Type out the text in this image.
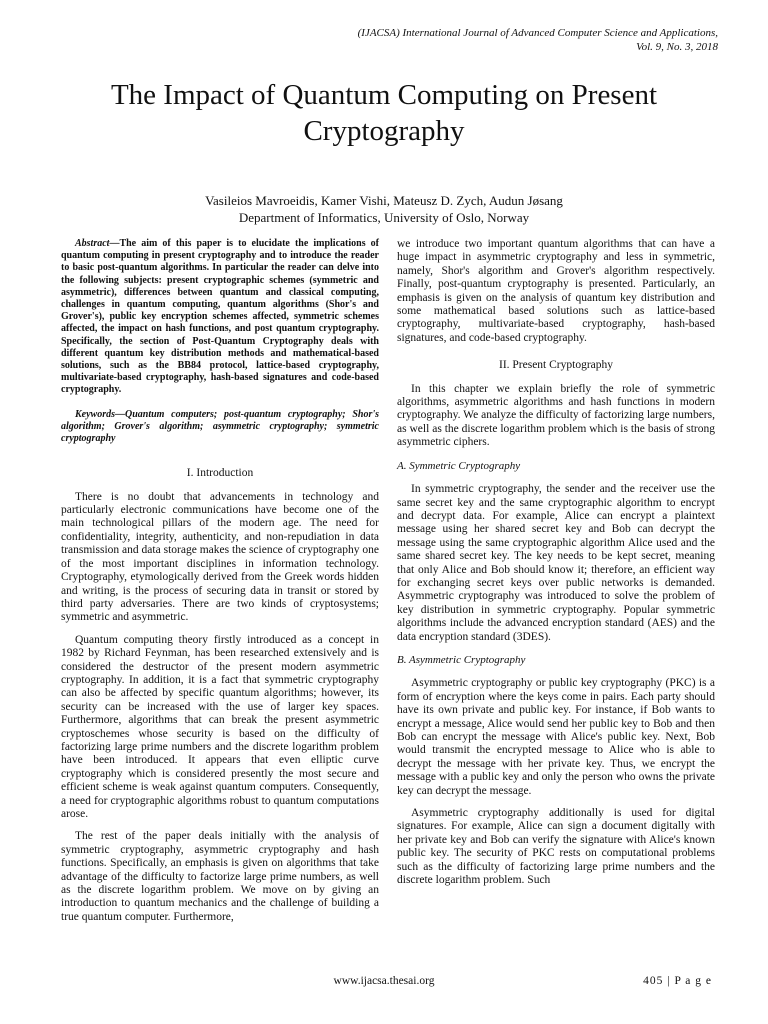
(IJACSA) International Journal of Advanced Computer Science and Applications,
Vol. 9, No. 3, 2018
The Impact of Quantum Computing on Present Cryptography
Vasileios Mavroeidis, Kamer Vishi, Mateusz D. Zych, Audun Jøsang
Department of Informatics, University of Oslo, Norway

Abstract—The aim of this paper is to elucidate the implications of quantum computing in present cryptography and to introduce the reader to basic post-quantum algorithms. In particular the reader can delve into the following subjects: present cryptographic schemes (symmetric and asymmetric), differences between quantum and classical computing, challenges in quantum computing, quantum algorithms (Shor's and Grover's), public key encryption schemes affected, symmetric schemes affected, the impact on hash functions, and post quantum cryptography. Specifically, the section of Post-Quantum Cryptography deals with different quantum key distribution methods and mathematical-based solutions, such as the BB84 protocol, lattice-based cryptography, multivariate-based cryptography, hash-based signatures and code-based cryptography.

Keywords—Quantum computers; post-quantum cryptography; Shor's algorithm; Grover's algorithm; asymmetric cryptography; symmetric cryptography

I. Introduction

There is no doubt that advancements in technology and particularly electronic communications have become one of the main technological pillars of the modern age. The need for confidentiality, integrity, authenticity, and non-repudiation in data transmission and data storage makes the science of cryptography one of the most important disciplines in information technology. Cryptography, etymologically derived from the Greek words hidden and writing, is the process of securing data in transit or stored by third party adversaries. There are two kinds of cryptosystems; symmetric and asymmetric.

Quantum computing theory firstly introduced as a concept in 1982 by Richard Feynman, has been researched extensively and is considered the destructor of the present modern asymmetric cryptography. In addition, it is a fact that symmetric cryptography can also be affected by specific quantum algorithms; however, its security can be increased with the use of larger key spaces. Furthermore, algorithms that can break the present asymmetric cryptoschemes whose security is based on the difficulty of factorizing large prime numbers and the discrete logarithm problem have been introduced. It appears that even elliptic curve cryptography which is considered presently the most secure and efficient scheme is weak against quantum computers. Consequently, a need for cryptographic algorithms robust to quantum computations arose.

The rest of the paper deals initially with the analysis of symmetric cryptography, asymmetric cryptography and hash functions. Specifically, an emphasis is given on algorithms that take advantage of the difficulty to factorize large prime numbers, as well as the discrete logarithm problem. We move on by giving an introduction to quantum mechanics and the challenge of building a true quantum computer. Furthermore,

we introduce two important quantum algorithms that can have a huge impact in asymmetric cryptography and less in symmetric, namely, Shor's algorithm and Grover's algorithm respectively. Finally, post-quantum cryptography is presented. Particularly, an emphasis is given on the analysis of quantum key distribution and some mathematical based solutions such as lattice-based cryptography, multivariate-based cryptography, hash-based signatures, and code-based cryptography.

II. Present Cryptography

In this chapter we explain briefly the role of symmetric algorithms, asymmetric algorithms and hash functions in modern cryptography. We analyze the difficulty of factorizing large numbers, as well as the discrete logarithm problem which is the basis of strong asymmetric ciphers.

A. Symmetric Cryptography

In symmetric cryptography, the sender and the receiver use the same secret key and the same cryptographic algorithm to encrypt and decrypt data. For example, Alice can encrypt a plaintext message using her shared secret key and Bob can decrypt the message using the same cryptographic algorithm Alice used and the same shared secret key. The key needs to be kept secret, meaning that only Alice and Bob should know it; therefore, an efficient way for exchanging secret keys over public networks is demanded. Asymmetric cryptography was introduced to solve the problem of key distribution in symmetric cryptography. Popular symmetric algorithms include the advanced encryption standard (AES) and the data encryption standard (3DES).

B. Asymmetric Cryptography

Asymmetric cryptography or public key cryptography (PKC) is a form of encryption where the keys come in pairs. Each party should have its own private and public key. For instance, if Bob wants to encrypt a message, Alice would send her public key to Bob and then Bob can encrypt the message with Alice's public key. Next, Bob would transmit the encrypted message to Alice who is able to decrypt the message with her private key. Thus, we encrypt the message with a public key and only the person who owns the private key can decrypt the message.

Asymmetric cryptography additionally is used for digital signatures. For example, Alice can sign a document digitally with her private key and Bob can verify the signature with Alice's known public key. The security of PKC rests on computational problems such as the difficulty of factorizing large prime numbers and the discrete logarithm problem. Such

www.ijacsa.thesai.org	405 | P a g e
